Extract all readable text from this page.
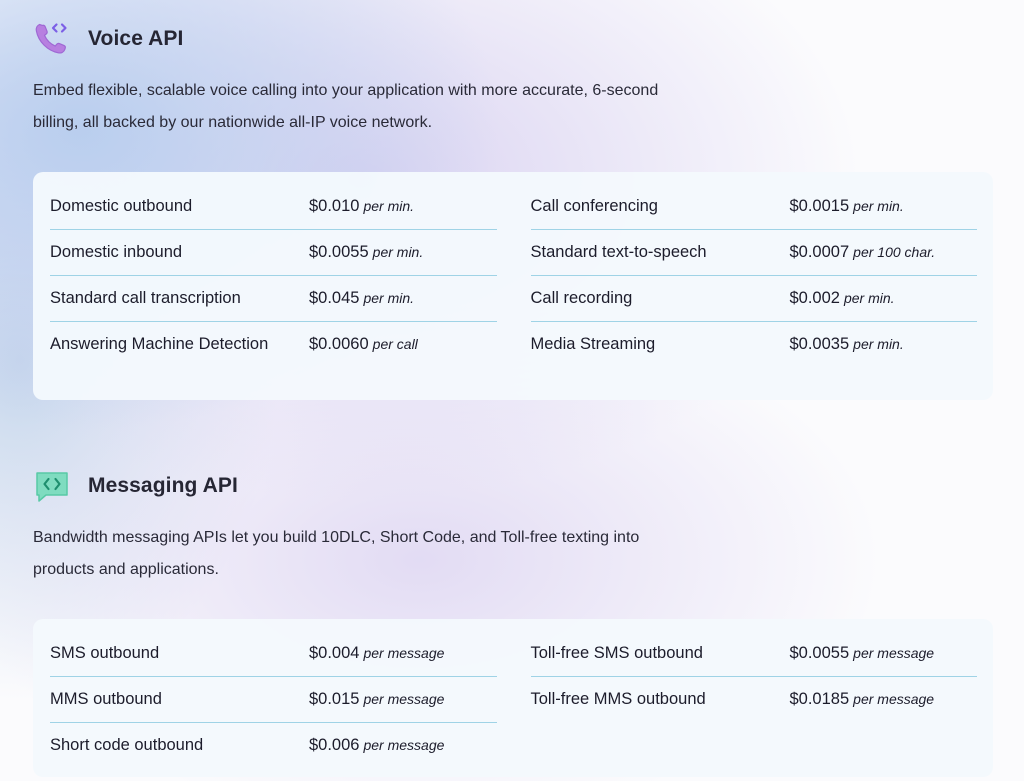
Voice API

Embed flexible, scalable voice calling into your application with more accurate, 6-second billing, all backed by our nationwide all-IP voice network.

Domestic outbound	$0.010 per min.
Domestic inbound	$0.0055 per min.
Standard call transcription	$0.045 per min.
Answering Machine Detection	$0.0060 per call
Call conferencing	$0.0015 per min.
Standard text-to-speech	$0.0007 per 100 char.
Call recording	$0.002 per min.
Media Streaming	$0.0035 per min.
Messaging API

Bandwidth messaging APIs let you build 10DLC, Short Code, and Toll-free texting into products and applications.

SMS outbound	$0.004 per message
MMS outbound	$0.015 per message
Short code outbound	$0.006 per message
Toll-free SMS outbound	$0.0055 per message
Toll-free MMS outbound	$0.0185 per message
